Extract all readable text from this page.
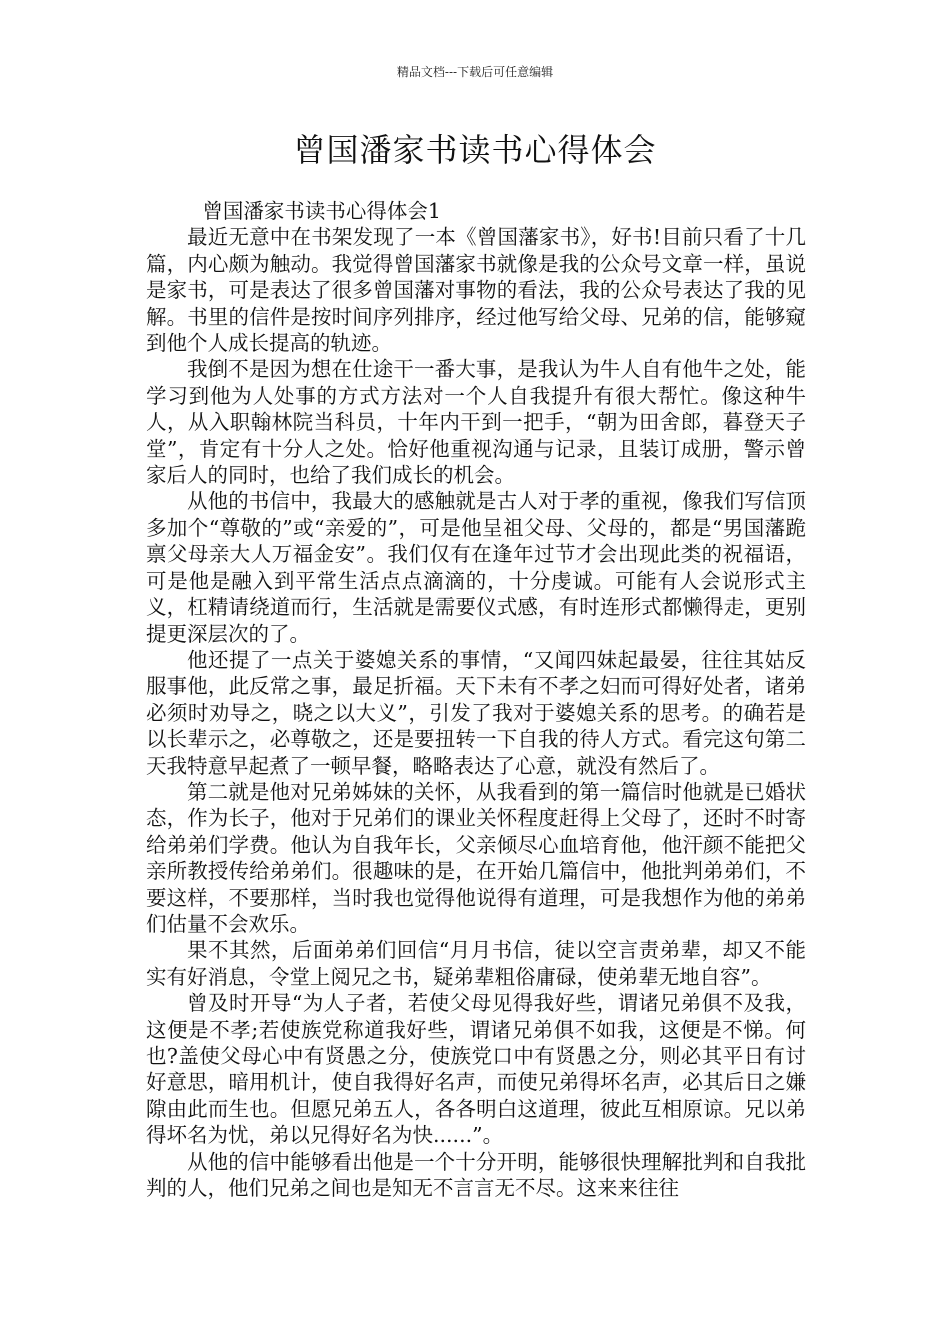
精品文档---下载后可任意编辑
曾国潘家书读书心得体会

曾国潘家书读书心得体会1

最近无意中在书架发现了一本《曾国藩家书》，好书!目前只看了十几篇，内心颇为触动。我觉得曾国藩家书就像是我的公众号文章一样，虽说是家书，可是表达了很多曾国藩对事物的看法，我的公众号表达了我的见解。书里的信件是按时间序列排序，经过他写给父母、兄弟的信，能够窥到他个人成长提高的轨迹。

我倒不是因为想在仕途干一番大事，是我认为牛人自有他牛之处，能学习到他为人处事的方式方法对一个人自我提升有很大帮忙。像这种牛人，从入职翰林院当科员，十年内干到一把手，“朝为田舍郎，暮登天子堂”，肯定有十分人之处。恰好他重视沟通与记录，且装订成册，警示曾家后人的同时，也给了我们成长的机会。

从他的书信中，我最大的感触就是古人对于孝的重视，像我们写信顶多加个“尊敬的”或“亲爱的”，可是他呈祖父母、父母的，都是“男国藩跪禀父母亲大人万福金安”。我们仅有在逢年过节才会出现此类的祝福语，可是他是融入到平常生活点点滴滴的，十分虔诚。可能有人会说形式主义，杠精请绕道而行，生活就是需要仪式感，有时连形式都懒得走，更别提更深层次的了。

他还提了一点关于婆媳关系的事情，“又闻四妹起最晏，往往其姑反服事他，此反常之事，最足折福。天下未有不孝之妇而可得好处者，诸弟必须时劝导之，晓之以大义”，引发了我对于婆媳关系的思考。的确若是以长辈示之，必尊敬之，还是要扭转一下自我的待人方式。看完这句第二天我特意早起煮了一顿早餐，略略表达了心意，就没有然后了。

第二就是他对兄弟姊妹的关怀，从我看到的第一篇信时他就是已婚状态，作为长子，他对于兄弟们的课业关怀程度赶得上父母了，还时不时寄给弟弟们学费。他认为自我年长，父亲倾尽心血培育他，他汗颜不能把父亲所教授传给弟弟们。很趣味的是，在开始几篇信中，他批判弟弟们，不要这样，不要那样，当时我也觉得他说得有道理，可是我想作为他的弟弟们估量不会欢乐。

果不其然，后面弟弟们回信“月月书信，徒以空言责弟辈，却又不能实有好消息，令堂上阅兄之书，疑弟辈粗俗庸碌，使弟辈无地自容”。

曾及时开导“为人子者，若使父母见得我好些，谓诸兄弟俱不及我，这便是不孝;若使族党称道我好些，谓诸兄弟俱不如我，这便是不悌。何也?盖使父母心中有贤愚之分，使族党口中有贤愚之分，则必其平日有讨好意思，暗用机计，使自我得好名声，而使兄弟得坏名声，必其后日之嫌隙由此而生也。但愿兄弟五人，各各明白这道理，彼此互相原谅。兄以弟得坏名为忧，弟以兄得好名为快......”。

从他的信中能够看出他是一个十分开明，能够很快理解批判和自我批判的人，他们兄弟之间也是知无不言言无不尽。这来来往往
